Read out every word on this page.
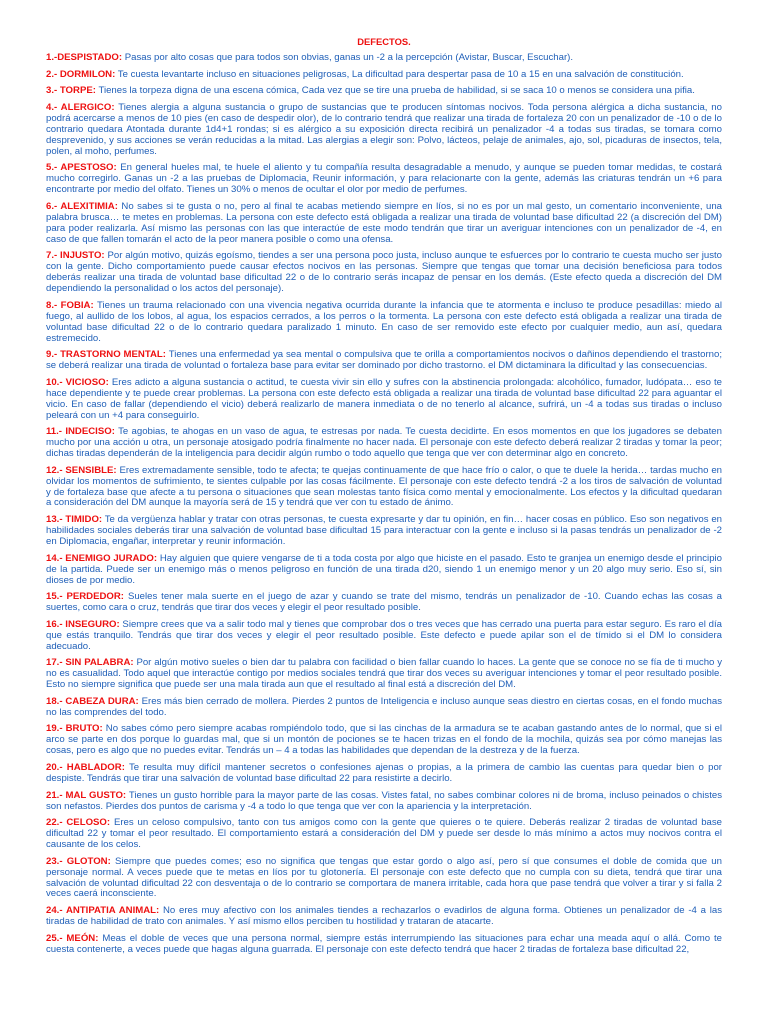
DEFECTOS.

1.-DESPISTADO: Pasas por alto cosas que para todos son obvias, ganas un -2 a la percepción (Avistar, Buscar, Escuchar).

2.- DORMILON: Te cuesta levantarte incluso en situaciones peligrosas, La dificultad para despertar pasa de 10 a 15 en una salvación de constitución.

3.- TORPE: Tienes la torpeza digna de una escena cómica, Cada vez que se tire una prueba de habilidad, si se saca 10 o menos se considera una pifia.

4.- ALERGICO: Tienes alergia a alguna sustancia o grupo de sustancias que te producen síntomas nocivos. Toda persona alérgica a dicha sustancia, no podrá acercarse a menos de 10 pies (en caso de despedir olor), de lo contrario tendrá que realizar una tirada de fortaleza 20 con un penalizador de -10 o de lo contrario quedara Atontada durante 1d4+1 rondas; si es alérgico a su exposición directa recibirá un penalizador -4 a todas sus tiradas, se tomara como desprevenido, y sus acciones se verán reducidas a la mitad. Las alergias a elegir son: Polvo, lácteos, pelaje de animales, ajo, sol, picaduras de insectos, tela, polen, al moho, perfumes.

5.- APESTOSO: En general hueles mal, te huele el aliento y tu compañía resulta desagradable a menudo, y aunque se pueden tomar medidas, te costará mucho corregirlo. Ganas un -2 a las pruebas de Diplomacia, Reunir información, y para relacionarte con la gente, además las criaturas tendrán un +6 para encontrarte por medio del olfato. Tienes un 30% o menos de ocultar el olor por medio de perfumes.

6.- ALEXITIMIA: No sabes si te gusta o no, pero al final te acabas metiendo siempre en líos, si no es por un mal gesto, un comentario inconveniente, una palabra brusca… te metes en problemas. La persona con este defecto está obligada a realizar una tirada de voluntad base dificultad 22 (a discreción del DM) para poder realizarla. Así mismo las personas con las que interactúe de este modo tendrán que tirar un averiguar intenciones con un penalizador de -4, en caso de que fallen tomarán el acto de la peor manera posible o como una ofensa.

7.- INJUSTO: Por algún motivo, quizás egoísmo, tiendes a ser una persona poco justa, incluso aunque te esfuerces por lo contrario te cuesta mucho ser justo con la gente. Dicho comportamiento puede causar efectos nocivos en las personas. Siempre que tengas que tomar una decisión beneficiosa para todos deberás realizar una tirada de voluntad base dificultad 22 o de lo contrario serás incapaz de pensar en los demás. (Este efecto queda a discreción del DM dependiendo la personalidad o los actos del personaje).

8.- FOBIA: Tienes un trauma relacionado con una vivencia negativa ocurrida durante la infancia que te atormenta e incluso te produce pesadillas: miedo al fuego, al aullido de los lobos, al agua, los espacios cerrados, a los perros o la tormenta. La persona con este defecto está obligada a realizar una tirada de voluntad base dificultad 22 o de lo contrario quedara paralizado 1 minuto. En caso de ser removido este efecto por cualquier medio, aun así, quedara estremecido.

9.- TRASTORNO MENTAL: Tienes una enfermedad ya sea mental o compulsiva que te orilla a comportamientos nocivos o dañinos dependiendo el trastorno; se deberá realizar una tirada de voluntad o fortaleza base para evitar ser dominado por dicho trastorno. el DM dictaminara la dificultad y las consecuencias.

10.- VICIOSO: Eres adicto a alguna sustancia o actitud, te cuesta vivir sin ello y sufres con la abstinencia prolongada: alcohólico, fumador, ludópata… eso te hace dependiente y te puede crear problemas. La persona con este defecto está obligada a realizar una tirada de voluntad base dificultad 22 para aguantar el vicio. En caso de fallar (dependiendo el vicio) deberá realizarlo de manera inmediata o de no tenerlo al alcance, sufrirá, un -4 a todas sus tiradas o incluso peleará con un +4 para conseguirlo.

11.- INDECISO: Te agobias, te ahogas en un vaso de agua, te estresas por nada. Te cuesta decidirte. En esos momentos en que los jugadores se debaten mucho por una acción u otra, un personaje atosigado podría finalmente no hacer nada. El personaje con este defecto deberá realizar 2 tiradas y tomar la peor; dichas tiradas dependerán de la inteligencia para decidir algún rumbo o todo aquello que tenga que ver con determinar algo en concreto.

12.- SENSIBLE: Eres extremadamente sensible, todo te afecta; te quejas continuamente de que hace frío o calor, o que te duele la herida… tardas mucho en olvidar los momentos de sufrimiento, te sientes culpable por las cosas fácilmente. El personaje con este defecto tendrá -2 a los tiros de salvación de voluntad y de fortaleza base que afecte a tu persona o situaciones que sean molestas tanto física como mental y emocionalmente. Los efectos y la dificultad quedaran a consideración del DM aunque la mayoría será de 15 y tendrá que ver con tu estado de ánimo.

13.- TIMIDO: Te da vergüenza hablar y tratar con otras personas, te cuesta expresarte y dar tu opinión, en fin… hacer cosas en público. Eso son negativos en habilidades sociales deberás tirar una salvación de voluntad base dificultad 15 para interactuar con la gente e incluso si la pasas tendrás un penalizador de -2 en Diplomacia, engañar, interpretar y reunir información.

14.- ENEMIGO JURADO: Hay alguien que quiere vengarse de ti a toda costa por algo que hiciste en el pasado. Esto te granjea un enemigo desde el principio de la partida. Puede ser un enemigo más o menos peligroso en función de una tirada d20, siendo 1 un enemigo menor y un 20 algo muy serio. Eso sí, sin dioses de por medio.

15.- PERDEDOR: Sueles tener mala suerte en el juego de azar y cuando se trate del mismo, tendrás un penalizador de -10. Cuando echas las cosas a suertes, como cara o cruz, tendrás que tirar dos veces y elegir el peor resultado posible.

16.- INSEGURO: Siempre crees que va a salir todo mal y tienes que comprobar dos o tres veces que has cerrado una puerta para estar seguro. Es raro el día que estás tranquilo. Tendrás que tirar dos veces y elegir el peor resultado posible. Este defecto e puede apilar son el de tímido si el DM lo considera adecuado.

17.- SIN PALABRA: Por algún motivo sueles o bien dar tu palabra con facilidad o bien fallar cuando lo haces. La gente que se conoce no se fía de ti mucho y no es casualidad. Todo aquel que interactúe contigo por medios sociales tendrá que tirar dos veces su averiguar intenciones y tomar el peor resultado posible. Esto no siempre significa que puede ser una mala tirada aun que el resultado al final está a discreción del DM.

18.- CABEZA DURA: Eres más bien cerrado de mollera. Pierdes 2 puntos de Inteligencia e incluso aunque seas diestro en ciertas cosas, en el fondo muchas no las comprendes del todo.

19.- BRUTO: No sabes cómo pero siempre acabas rompiéndolo todo, que si las cinchas de la armadura se te acaban gastando antes de lo normal, que si el arco se parte en dos porque lo guardas mal, que si un montón de pociones se te hacen trizas en el fondo de la mochila, quizás sea por cómo manejas las cosas, pero es algo que no puedes evitar. Tendrás un – 4 a todas las habilidades que dependan de la destreza y de la fuerza.

20.- HABLADOR: Te resulta muy difícil mantener secretos o confesiones ajenas o propias, a la primera de cambio las cuentas para quedar bien o por despiste. Tendrás que tirar una salvación de voluntad base dificultad 22 para resistirte a decirlo.

21.- MAL GUSTO: Tienes un gusto horrible para la mayor parte de las cosas. Vistes fatal, no sabes combinar colores ni de broma, incluso peinados o chistes son nefastos. Pierdes dos puntos de carisma y -4 a todo lo que tenga que ver con la apariencia y la interpretación.

22.- CELOSO: Eres un celoso compulsivo, tanto con tus amigos como con la gente que quieres o te quiere. Deberás realizar 2 tiradas de voluntad base dificultad 22 y tomar el peor resultado. El comportamiento estará a consideración del DM y puede ser desde lo más mínimo a actos muy nocivos contra el causante de los celos.

23.- GLOTON: Siempre que puedes comes; eso no significa que tengas que estar gordo o algo así, pero sí que consumes el doble de comida que un personaje normal. A veces puede que te metas en líos por tu glotonería. El personaje con este defecto que no cumpla con su dieta, tendrá que tirar una salvación de voluntad dificultad 22 con desventaja o de lo contrario se comportara de manera irritable, cada hora que pase tendrá que volver a tirar y si falla 2 veces caerá inconsciente.

24.- ANTIPATIA ANIMAL: No eres muy afectivo con los animales tiendes a rechazarlos o evadirlos de alguna forma. Obtienes un penalizador de -4 a las tiradas de habilidad de trato con animales. Y así mismo ellos perciben tu hostilidad y trataran de atacarte.

25.- MEÓN: Meas el doble de veces que una persona normal, siempre estás interrumpiendo las situaciones para echar una meada aquí o allá. Como te cuesta contenerte, a veces puede que hagas alguna guarrada. El personaje con este defecto tendrá que hacer 2 tiradas de fortaleza base dificultad 22,
